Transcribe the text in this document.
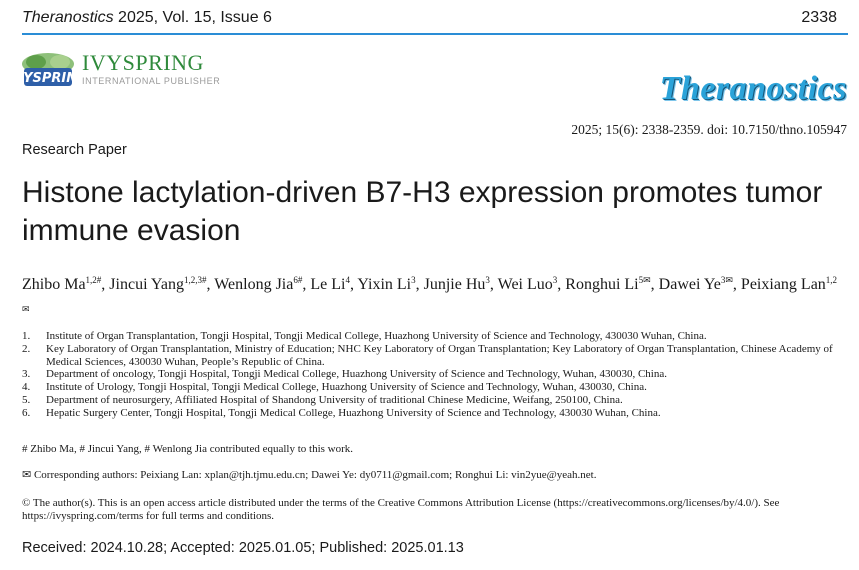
Theranostics 2025, Vol. 15, Issue 6	2338
IVYSPRING
IVYSPRING
INTERNATIONAL PUBLISHER	Theranostics
2025; 15(6): 2338-2359. doi: 10.7150/thno.105947
Research Paper
Histone lactylation-driven B7-H3 expression promotes tumor immune evasion
Zhibo $Ma^{1,2\#}$, Jincui Yang$^{1,2,3\#}$, Wenlong Jia$^{6\#}$, Le Li$^4$, Yixin Li$^3$, Junjie Hu$^3$, Wei Luo$^3$, Ronghui $Li^{5✉}$, Dawei $Ye^{3✉}$, Peixiang Lan$^{1,2✉}$
1.	Institute of Organ Transplantation, Tongji Hospital, Tongji Medical College, Huazhong University of Science and Technology, 430030 Wuhan, China.
2.	Key Laboratory of Organ Transplantation, Ministry of Education; NHC Key Laboratory of Organ Transplantation; Key Laboratory of Organ Transplantation, Chinese Academy of Medical Sciences, 430030 Wuhan, People’s Republic of China.
3.	Department of oncology, Tongji Hospital, Tongji Medical College, Huazhong University of Science and Technology, Wuhan, 430030, China.
4.	Institute of Urology, Tongji Hospital, Tongji Medical College, Huazhong University of Science and Technology, Wuhan, 430030, China.
5.	Department of neurosurgery, Affiliated Hospital of Shandong University of traditional Chinese Medicine, Weifang, 250100, China.
6.	Hepatic Surgery Center, Tongji Hospital, Tongji Medical College, Huazhong University of Science and Technology, 430030 Wuhan, China.
# Zhibo Ma, # Jincui Yang, # Wenlong Jia contributed equally to this work.
✉ Corresponding authors: Peixiang Lan: xplan@tjh.tjmu.edu.cn; Dawei Ye: dy0711@gmail.com; Ronghui Li: vin2yue@yeah.net.
© The author(s). This is an open access article distributed under the terms of the Creative Commons Attribution License (https://creativecommons.org/licenses/by/4.0/). See https://ivyspring.com/terms for full terms and conditions.
Received: 2024.10.28; Accepted: 2025.01.05; Published: 2025.01.13
